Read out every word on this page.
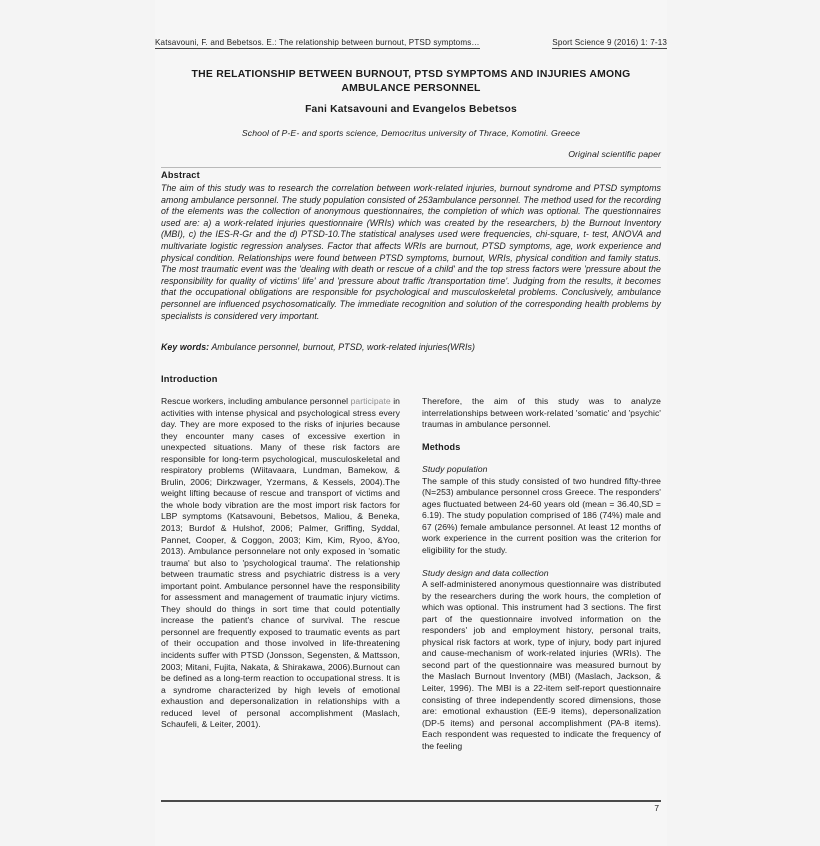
Katsavouni, F. and Bebetsos. E.: The relationship between burnout, PTSD symptoms…	Sport Science 9 (2016) 1: 7-13
THE RELATIONSHIP BETWEEN BURNOUT, PTSD SYMPTOMS AND INJURIES AMONG AMBULANCE PERSONNEL
Fani Katsavouni and Evangelos Bebetsos
School of P-E- and sports science, Democritus university of Thrace, Komotini. Greece
Original scientific paper
Abstract
The aim of this study was to research the correlation between work-related injuries, burnout syndrome and PTSD symptoms among ambulance personnel. The study population consisted of 253ambulance personnel. The method used for the recording of the elements was the collection of anonymous questionnaires, the completion of which was optional. The questionnaires used are: a) a work-related injuries questionnaire (WRIs) which was created by the researchers, b) the Burnout Inventory (MBI), c) the IES-R-Gr and the d) PTSD-10.The statistical analyses used were frequencies, chi-square, t- test, ANOVA and multivariate logistic regression analyses. Factor that affects WRIs are burnout, PTSD symptoms, age, work experience and physical condition. Relationships were found between PTSD symptoms, burnout, WRIs, physical condition and family status. The most traumatic event was the 'dealing with death or rescue of a child' and the top stress factors were 'pressure about the responsibility for quality of victims' life' and 'pressure about traffic /transportation time'. Judging from the results, it becomes that the occupational obligations are responsible for psychological and musculoskeletal problems. Conclusively, ambulance personnel are influenced psychosomatically. The immediate recognition and solution of the corresponding health problems by specialists is considered very important.
Key words: Ambulance personnel, burnout, PTSD, work-related injuries(WRIs)
Introduction

Rescue workers, including ambulance personnel participate in activities with intense physical and psychological stress every day. They are more exposed to the risks of injuries because they encounter many cases of excessive exertion in unexpected situations. Many of these risk factors are responsible for long-term psychological, musculoskeletal and respiratory problems (Wiitavaara, Lundman, Bamekow, & Brulin, 2006; Dirkzwager, Yzermans, & Kessels, 2004).The weight lifting because of rescue and transport of victims and the whole body vibration are the most import risk factors for LBP symptoms (Katsavouni, Bebetsos, Maliou, & Beneka, 2013; Burdof & Hulshof, 2006; Palmer, Griffing, Syddal, Pannet, Cooper, & Coggon, 2003; Kim, Kim, Ryoo, &Yoo, 2013). Ambulance personnelare not only exposed in 'somatic trauma' but also to 'psychological trauma'. The relationship between traumatic stress and psychiatric distress is a very important point. Ambulance personnel have the responsibility for assessment and management of traumatic injury victims. They should do things in sort time that could potentially increase the patient's chance of survival. The rescue personnel are frequently exposed to traumatic events as part of their occupation and those involved in life-threatening incidents suffer with PTSD (Jonsson, Segensten, & Mattsson, 2003; Mitani, Fujita, Nakata, & Shirakawa, 2006).Burnout can be defined as a long-term reaction to occupational stress. It is a syndrome characterized by high levels of emotional exhaustion and depersonalization in relationships with a reduced level of personal accomplishment (Maslach, Schaufeli, & Leiter, 2001).

Therefore, the aim of this study was to analyze interrelationships between work-related 'somatic' and 'psychic' traumas in ambulance personnel.

Methods
Study population

The sample of this study consisted of two hundred fifty-three (N=253) ambulance personnel cross Greece. The responders' ages fluctuated between 24-60 years old (mean = 36.40,SD = 6.19). The study population comprised of 186 (74%) male and 67 (26%) female ambulance personnel. At least 12 months of work experience in the current position was the criterion for eligibility for the study.

Study design and data collection

A self-administered anonymous questionnaire was distributed by the researchers during the work hours, the completion of which was optional. This instrument had 3 sections. The first part of the questionnaire involved information on the responders' job and employment history, personal traits, physical risk factors at work, type of injury, body part injured and cause-mechanism of work-related injuries (WRIs). The second part of the questionnaire was measured burnout by the Maslach Burnout Inventory (MBI) (Maslach, Jackson, & Leiter, 1996). The MBI is a 22-item self-report questionnaire consisting of three independently scored dimensions, those are: emotional exhaustion (EE-9 items), depersonalization (DP-5 items) and personal accomplishment (PA-8 items). Each respondent was requested to indicate the frequency of the feeling

7
